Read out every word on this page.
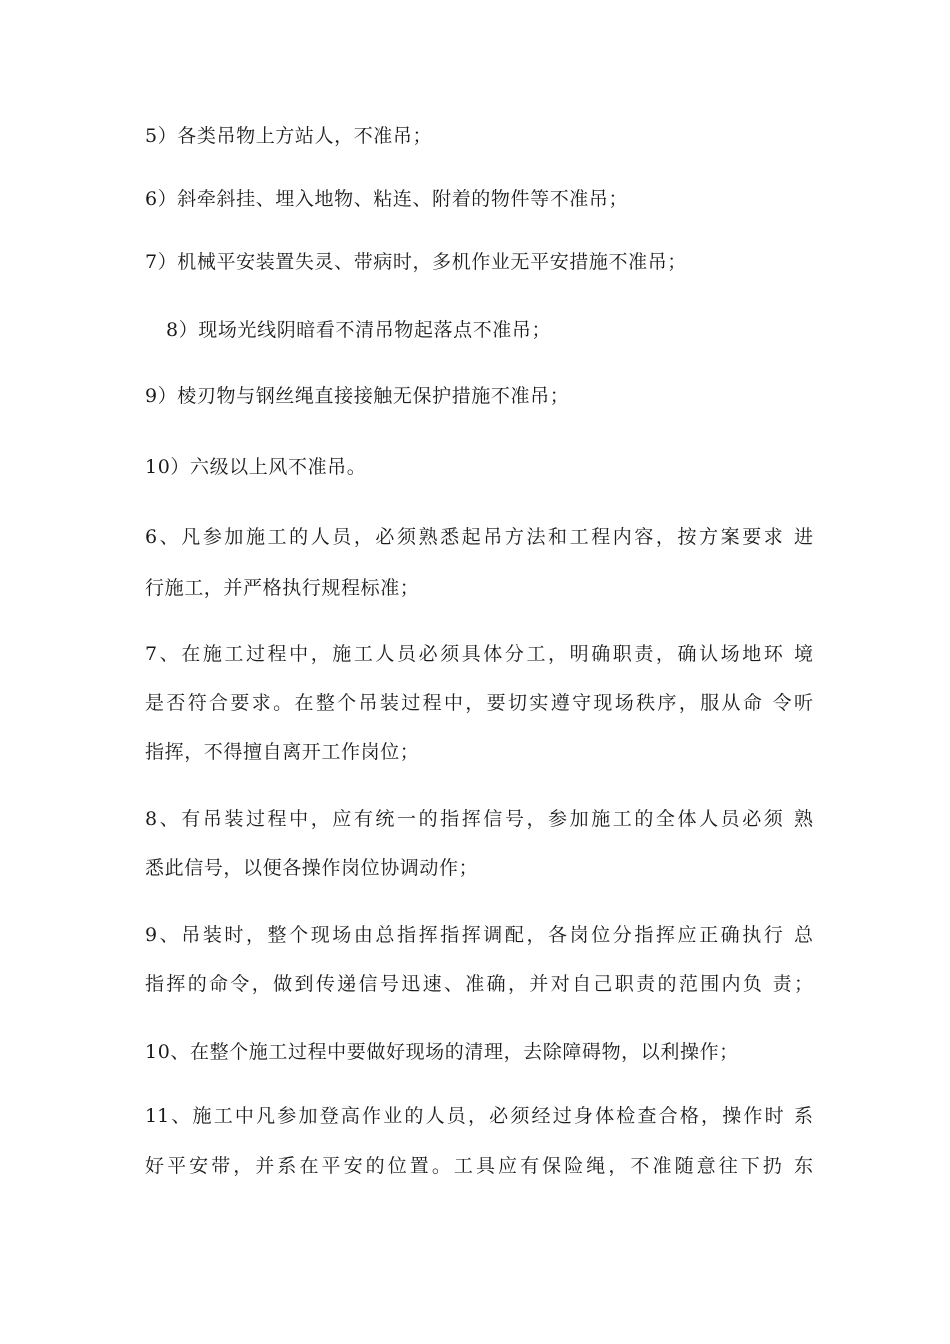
5）各类吊物上方站人，不准吊；
6）斜牵斜挂、埋入地物、粘连、附着的物件等不准吊；
7）机械平安装置失灵、带病时，多机作业无平安措施不准吊；
8）现场光线阴暗看不清吊物起落点不准吊；
9）棱刃物与钢丝绳直接接触无保护措施不准吊；
10）六级以上风不准吊。
6、凡参加施工的人员，必须熟悉起吊方法和工程内容，按方案要求 进
行施工，并严格执行规程标准；
7、在施工过程中，施工人员必须具体分工，明确职责，确认场地环 境
是否符合要求。在整个吊装过程中，要切实遵守现场秩序，服从命 令听
指挥，不得擅自离开工作岗位；
8、有吊装过程中，应有统一的指挥信号，参加施工的全体人员必须 熟
悉此信号，以便各操作岗位协调动作；
9、吊装时，整个现场由总指挥指挥调配，各岗位分指挥应正确执行 总
指挥的命令，做到传递信号迅速、准确，并对自己职责的范围内负 责；
10、在整个施工过程中要做好现场的清理，去除障碍物，以利操作；
11、施工中凡参加登高作业的人员，必须经过身体检查合格，操作时 系
好平安带，并系在平安的位置。工具应有保险绳，不准随意往下扔 东
